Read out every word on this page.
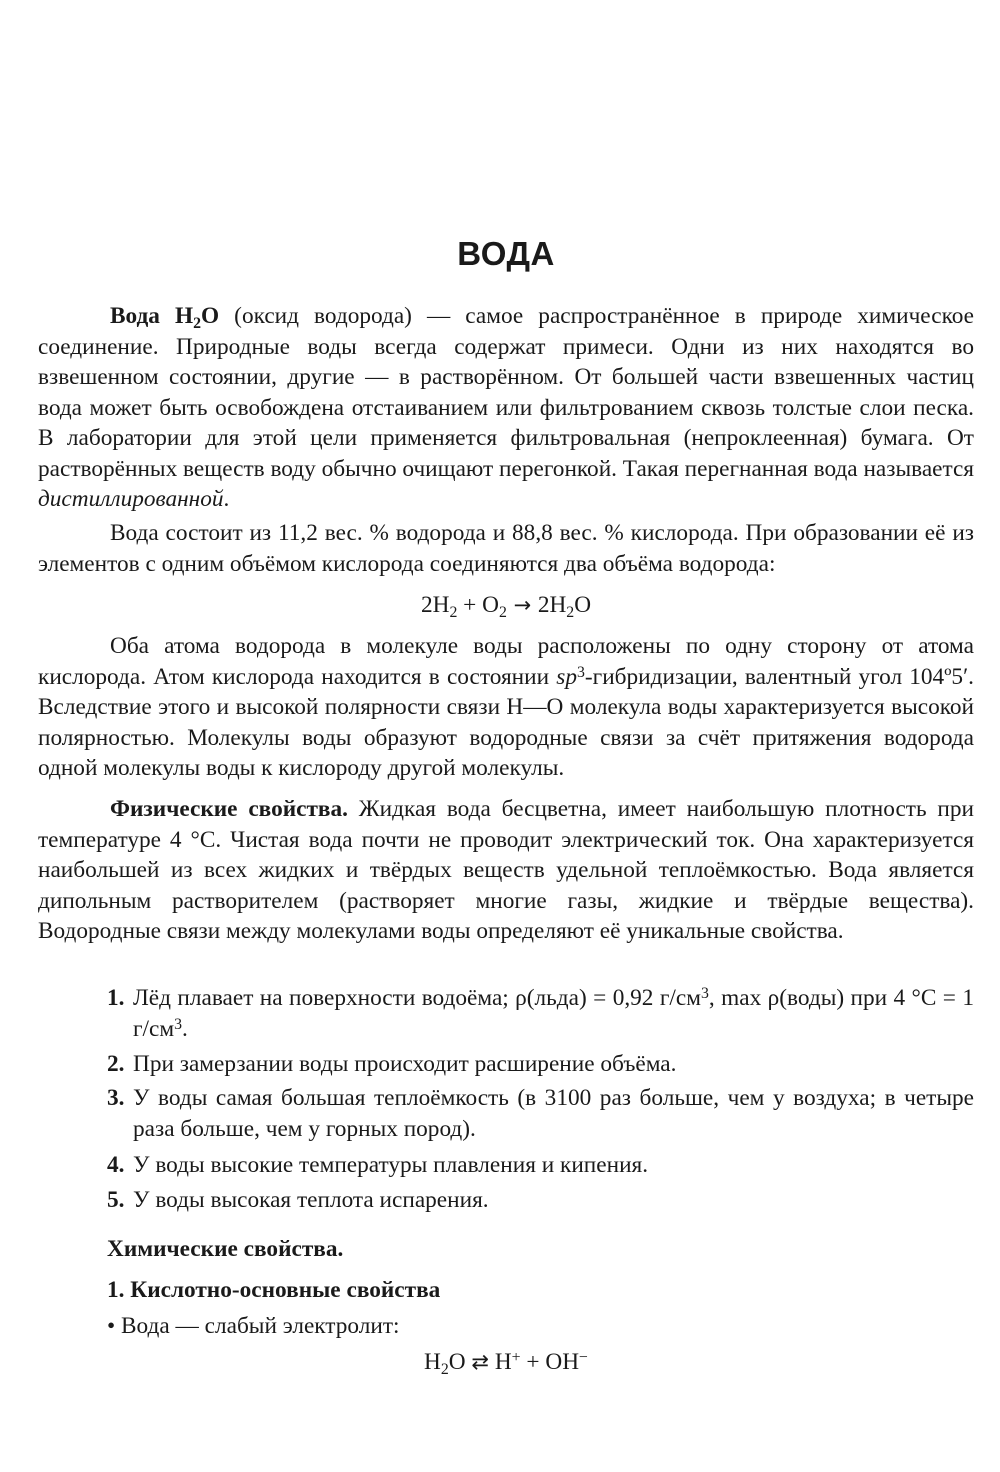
ВОДА

Вода $H_2O$ (оксид водорода) — самое распространённое в природе химическое соединение. Природные воды всегда содержат примеси. Одни из них находятся во взвешенном состоянии, другие — в растворённом. От большей части взвешенных частиц вода может быть освобождена отстаиванием или фильтрованием сквозь толстые слои песка. В лаборатории для этой цели применяется фильтровальная (непроклеенная) бумага. От растворённых веществ воду обычно очищают перегонкой. Такая перегнанная вода называется дистиллированной.

Вода состоит из 11,2 вес. % водорода и 88,8 вес. % кислорода. При образовании её из элементов с одним объёмом кислорода соединяются два объёма водорода:

$2H_2 + O_2 \to 2H_2O$

Оба атома водорода в молекуле воды расположены по одну сторону от атома кислорода. Атом кислорода находится в состоянии $sp^3$-гибридизации, валентный угол 104º5′. Вследствие этого и высокой полярности связи H—O молекула воды характеризуется высокой полярностью. Молекулы воды образуют водородные связи за счёт притяжения водорода одной молекулы воды к кислороду другой молекулы.

Физические свойства. Жидкая вода бесцветна, имеет наибольшую плотность при температуре 4 °С. Чистая вода почти не проводит электрический ток. Она характеризуется наибольшей из всех жидких и твёрдых веществ удельной теплоёмкостью. Вода является дипольным растворителем (растворяет многие газы, жидкие и твёрдые вещества). Водородные связи между молекулами воды определяют её уникальные свойства.

1. Лёд плавает на поверхности водоёма; ρ(льда) = 0,92 $г/см^3$, max ρ(воды) при 4 °С = 1 $г/см^3$.

2. При замерзании воды происходит расширение объёма.

3. У воды самая большая теплоёмкость (в 3100 раз больше, чем у воздуха; в четыре раза больше, чем у горных пород).

4. У воды высокие температуры плавления и кипения.

5. У воды высокая теплота испарения.

Химические свойства.

1. Кислотно-основные свойства

• Вода — слабый электролит:

$H_2O$ ⇄ H+ + OH−
